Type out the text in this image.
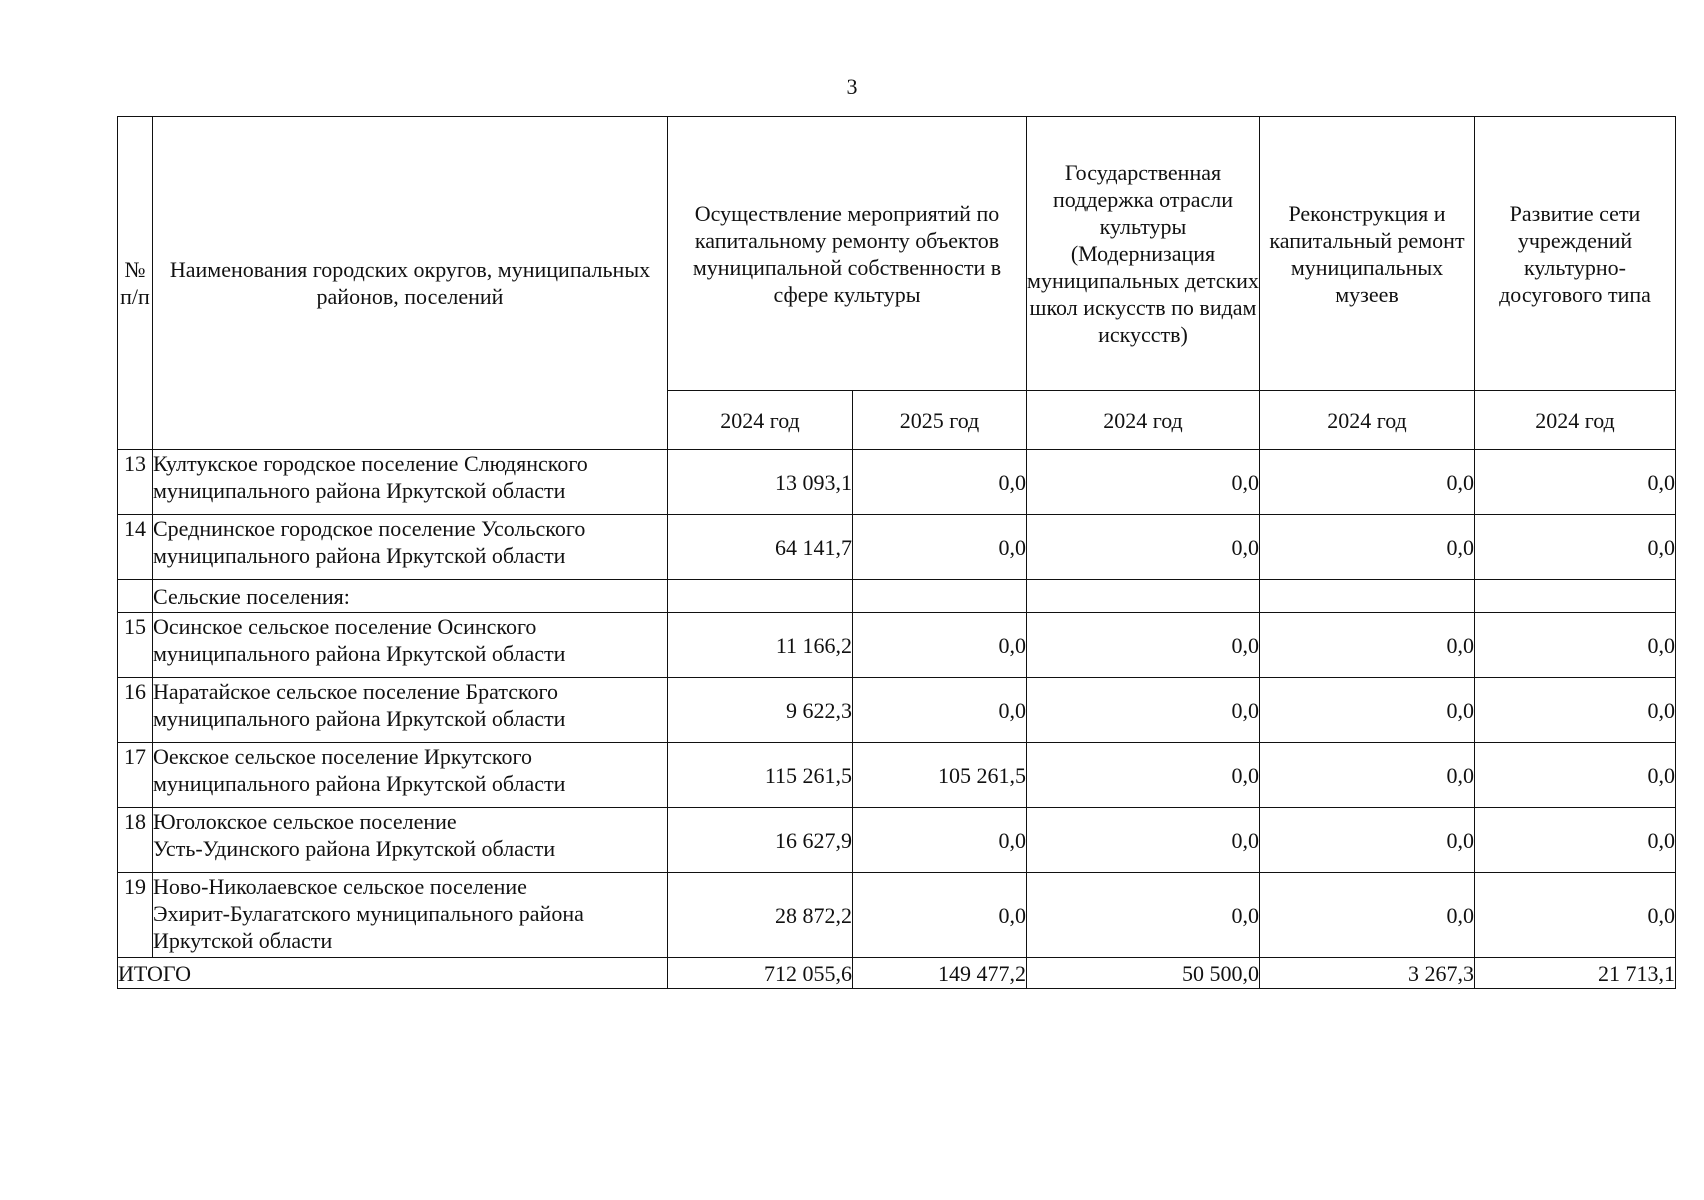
3
№ п/п	Наименования городских округов, муниципальных районов, поселений	Осуществление мероприятий по капитальному ремонту объектов муниципальной собственности в сфере культуры		Государственная поддержка отрасли культуры (Модернизация муниципальных детских школ искусств по видам искусств)	Реконструкция и капитальный ремонт муниципальных музеев	Развитие сети учреждений культурно-досугового типа
		2024 год	2025 год	2024 год	2024 год	2024 год
13	Култукское городское поселение Слюдянского
муниципального района Иркутской области	13 093,1	0,0	0,0	0,0	0,0
14	Среднинское городское поселение Усольского
муниципального района Иркутской области	64 141,7	0,0	0,0	0,0	0,0
	Сельские поселения:					
15	Осинское сельское поселение Осинского
муниципального района Иркутской области	11 166,2	0,0	0,0	0,0	0,0
16	Наратайское сельское поселение Братского
муниципального района Иркутской области	9 622,3	0,0	0,0	0,0	0,0
17	Оекское сельское поселение Иркутского
муниципального района Иркутской области	115 261,5	105 261,5	0,0	0,0	0,0
18	Юголокское сельское поселение
Усть-Удинского района Иркутской области	16 627,9	0,0	0,0	0,0	0,0
19	Ново-Николаевское сельское поселение
Эхирит-Булагатского муниципального района
Иркутской области	28 872,2	0,0	0,0	0,0	0,0
ИТОГО		712 055,6	149 477,2	50 500,0	3 267,3	21 713,1
